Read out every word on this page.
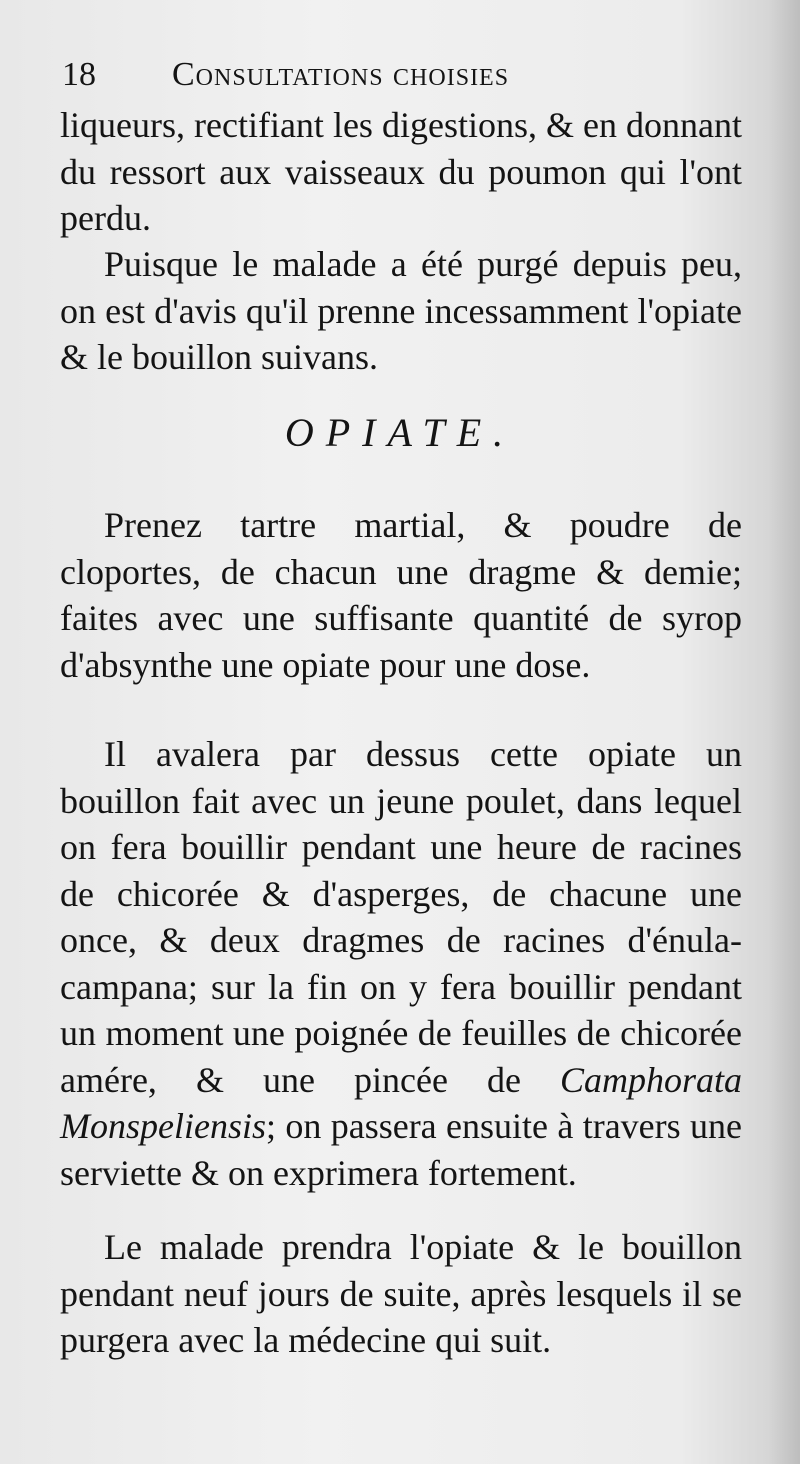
18 Consultations choisies

liqueurs, rectifiant les digestions, & en donnant du ressort aux vaisseaux du poumon qui l'ont perdu.

Puisque le malade a été purgé depuis peu, on est d'avis qu'il prenne incessamment l'opiate & le bouillon suivans.

OPIATE.

Prenez tartre martial, & poudre de cloportes, de chacun une dragme & demie; faites avec une suffisante quantité de syrop d'absynthe une opiate pour une dose.

Il avalera par dessus cette opiate un bouillon fait avec un jeune poulet, dans lequel on fera bouillir pendant une heure de racines de chicorée & d'asperges, de chacune une once, & deux dragmes de racines d'énula-campana; sur la fin on y fera bouillir pendant un moment une poignée de feuilles de chicorée amére, & une pincée de Camphorata Monspeliensis; on passera ensuite à travers une serviette & on exprimera fortement.

Le malade prendra l'opiate & le bouillon pendant neuf jours de suite, après lesquels il se purgera avec la médecine qui suit.
